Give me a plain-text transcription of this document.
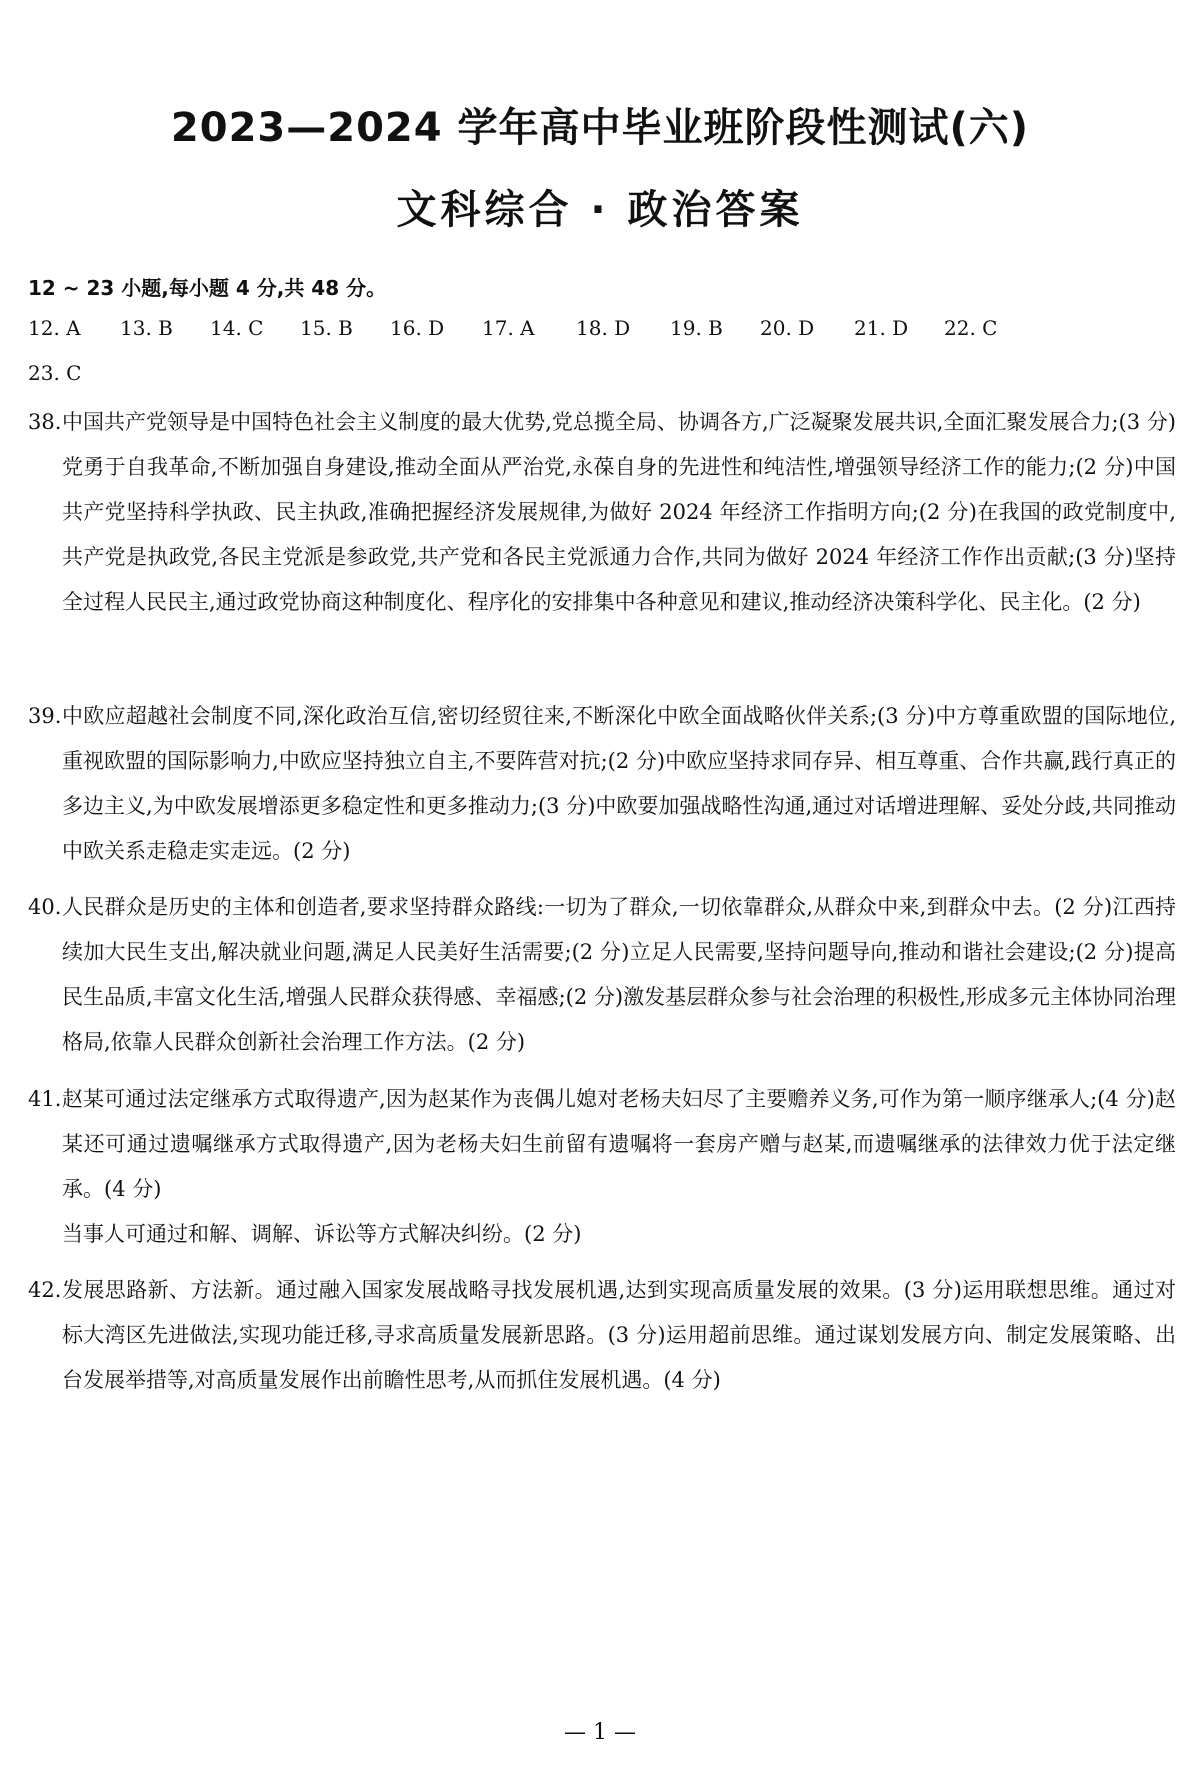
2023—2024 学年高中毕业班阶段性测试(六)
文科综合 · 政治答案
12 ~ 23 小题,每小题 4 分,共 48 分。
12. A 13. B 14. C 15. B 16. D 17. A 18. D 19. B 20. D 21. D 22. C
23. C
38. 中国共产党领导是中国特色社会主义制度的最大优势,党总揽全局、协调各方,广泛凝聚发展共识,全面汇聚发展合力;(3 分)党勇于自我革命,不断加强自身建设,推动全面从严治党,永葆自身的先进性和纯洁性,增强领导经济工作的能力;(2 分)中国共产党坚持科学执政、民主执政,准确把握经济发展规律,为做好 2024 年经济工作指明方向;(2 分)在我国的政党制度中,共产党是执政党,各民主党派是参政党,共产党和各民主党派通力合作,共同为做好 2024 年经济工作作出贡献;(3 分)坚持全过程人民民主,通过政党协商这种制度化、程序化的安排集中各种意见和建议,推动经济决策科学化、民主化。(2 分)
39. 中欧应超越社会制度不同,深化政治互信,密切经贸往来,不断深化中欧全面战略伙伴关系;(3 分)中方尊重欧盟的国际地位,重视欧盟的国际影响力,中欧应坚持独立自主,不要阵营对抗;(2 分)中欧应坚持求同存异、相互尊重、合作共赢,践行真正的多边主义,为中欧发展增添更多稳定性和更多推动力;(3 分)中欧要加强战略性沟通,通过对话增进理解、妥处分歧,共同推动中欧关系走稳走实走远。(2 分)
40. 人民群众是历史的主体和创造者,要求坚持群众路线:一切为了群众,一切依靠群众,从群众中来,到群众中去。(2 分)江西持续加大民生支出,解决就业问题,满足人民美好生活需要;(2 分)立足人民需要,坚持问题导向,推动和谐社会建设;(2 分)提高民生品质,丰富文化生活,增强人民群众获得感、幸福感;(2 分)激发基层群众参与社会治理的积极性,形成多元主体协同治理格局,依靠人民群众创新社会治理工作方法。(2 分)
41. 赵某可通过法定继承方式取得遗产,因为赵某作为丧偶儿媳对老杨夫妇尽了主要赡养义务,可作为第一顺序继承人;(4 分)赵某还可通过遗嘱继承方式取得遗产,因为老杨夫妇生前留有遗嘱将一套房产赠与赵某,而遗嘱继承的法律效力优于法定继承。(4 分)
当事人可通过和解、调解、诉讼等方式解决纠纷。(2 分)
42. 发展思路新、方法新。通过融入国家发展战略寻找发展机遇,达到实现高质量发展的效果。(3 分)运用联想思维。通过对标大湾区先进做法,实现功能迁移,寻求高质量发展新思路。(3 分)运用超前思维。通过谋划发展方向、制定发展策略、出台发展举措等,对高质量发展作出前瞻性思考,从而抓住发展机遇。(4 分)
— 1 —
